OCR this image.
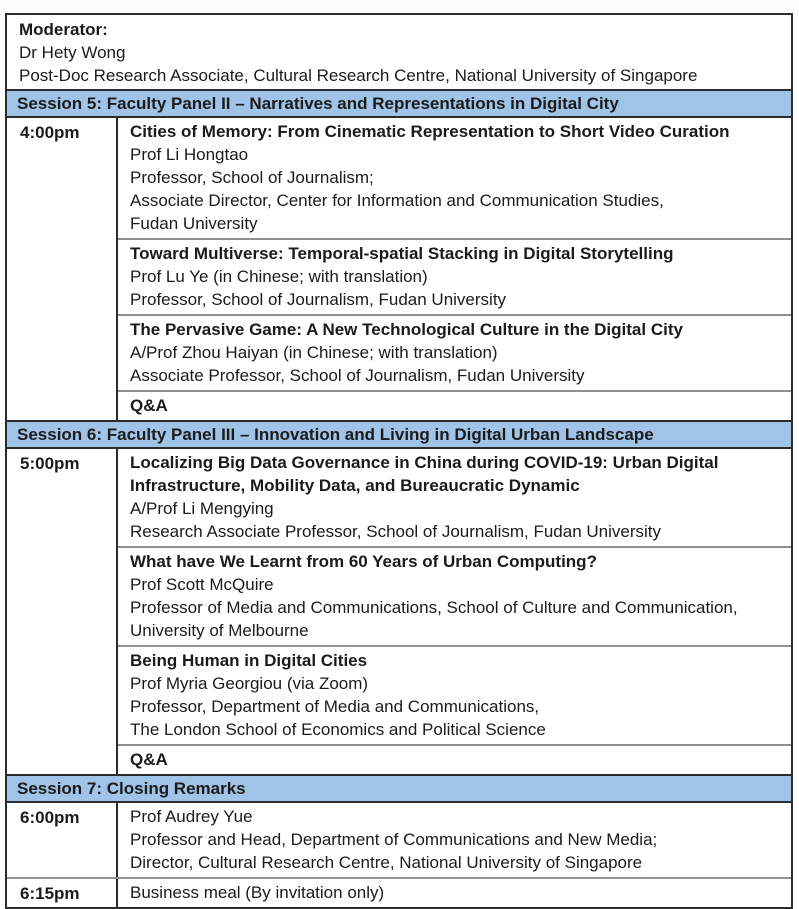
Moderator:
Dr Hety Wong
Post-Doc Research Associate, Cultural Research Centre, National University of Singapore
Session 5: Faculty Panel II – Narratives and Representations in Digital City
4:00pm	Cities of Memory: From Cinematic Representation to Short Video Curation
Prof Li Hongtao
Professor, School of Journalism;
Associate Director, Center for Information and Communication Studies,
Fudan University
Toward Multiverse: Temporal-spatial Stacking in Digital Storytelling
Prof Lu Ye (in Chinese; with translation)
Professor, School of Journalism, Fudan University
The Pervasive Game: A New Technological Culture in the Digital City
A/Prof Zhou Haiyan (in Chinese; with translation)
Associate Professor, School of Journalism, Fudan University
Q&A
Session 6: Faculty Panel III – Innovation and Living in Digital Urban Landscape
5:00pm	Localizing Big Data Governance in China during COVID-19: Urban Digital Infrastructure, Mobility Data, and Bureaucratic Dynamic
A/Prof Li Mengying
Research Associate Professor, School of Journalism, Fudan University
What have We Learnt from 60 Years of Urban Computing?
Prof Scott McQuire
Professor of Media and Communications, School of Culture and Communication,
University of Melbourne
Being Human in Digital Cities
Prof Myria Georgiou (via Zoom)
Professor, Department of Media and Communications,
The London School of Economics and Political Science
Q&A
Session 7: Closing Remarks
6:00pm	Prof Audrey Yue
Professor and Head, Department of Communications and New Media;
Director, Cultural Research Centre, National University of Singapore
6:15pm	Business meal (By invitation only)
